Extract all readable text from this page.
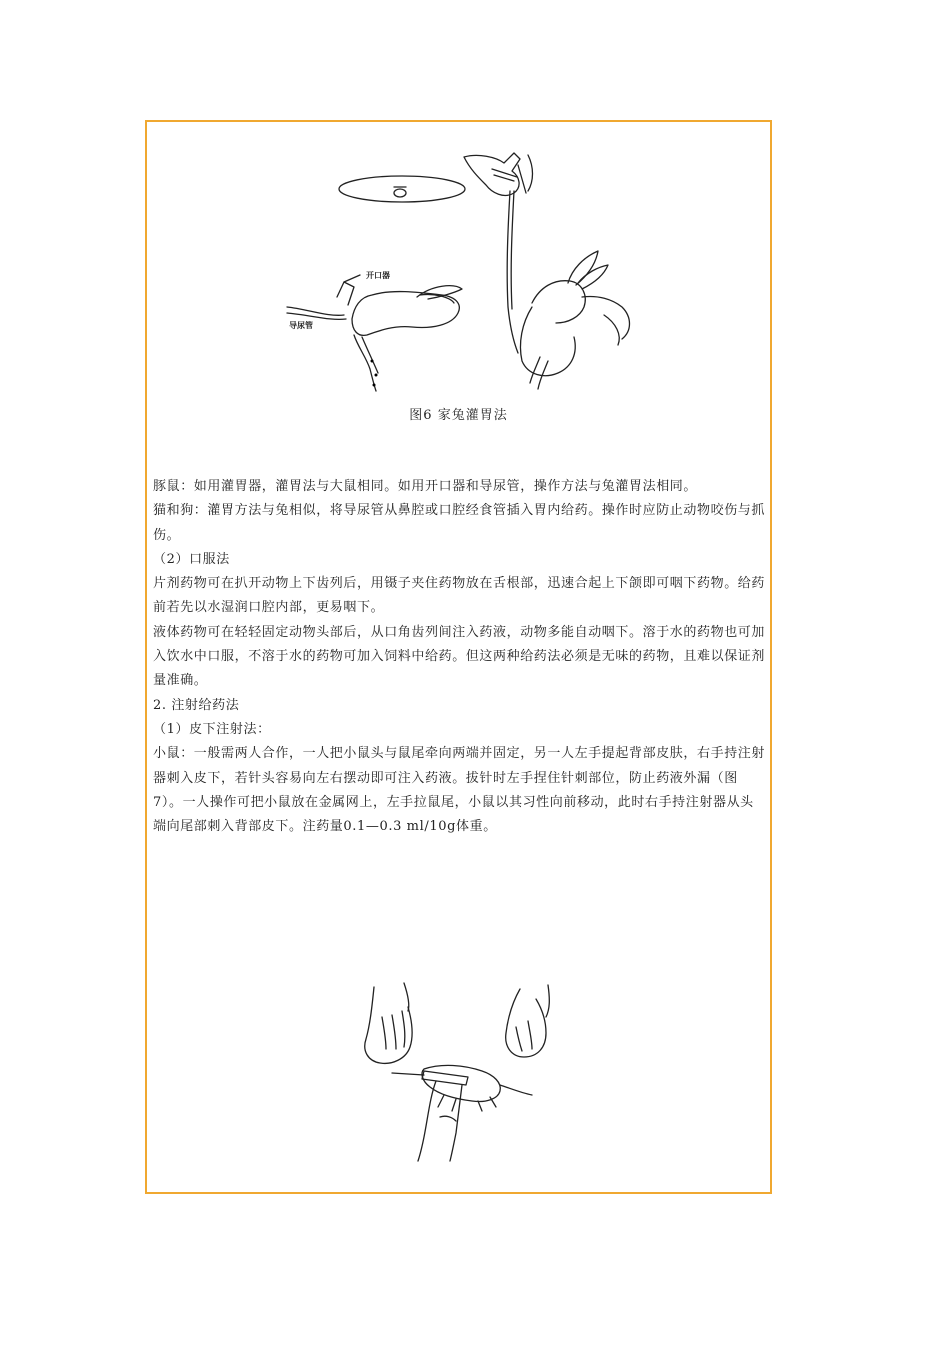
开口器
导尿管
图6 家兔灌胃法

豚鼠：如用灌胃器，灌胃法与大鼠相同。如用开口器和导尿管，操作方法与兔灌胃法相同。

猫和狗：灌胃方法与兔相似，将导尿管从鼻腔或口腔经食管插入胃内给药。操作时应防止动物咬伤与抓伤。

（2）口服法

片剂药物可在扒开动物上下齿列后，用镊子夹住药物放在舌根部，迅速合起上下颌即可咽下药物。给药前若先以水湿润口腔内部，更易咽下。

液体药物可在轻轻固定动物头部后，从口角齿列间注入药液，动物多能自动咽下。溶于水的药物也可加入饮水中口服，不溶于水的药物可加入饲料中给药。但这两种给药法必须是无味的药物，且难以保证剂量准确。

2. 注射给药法

（1）皮下注射法：

小鼠：一般需两人合作，一人把小鼠头与鼠尾牵向两端并固定，另一人左手提起背部皮肤，右手持注射器刺入皮下，若针头容易向左右摆动即可注入药液。拔针时左手捏住针刺部位，防止药液外漏（图7）。一人操作可把小鼠放在金属网上，左手拉鼠尾，小鼠以其习性向前移动，此时右手持注射器从头端向尾部刺入背部皮下。注药量0.1—0.3 ml/10g体重。
